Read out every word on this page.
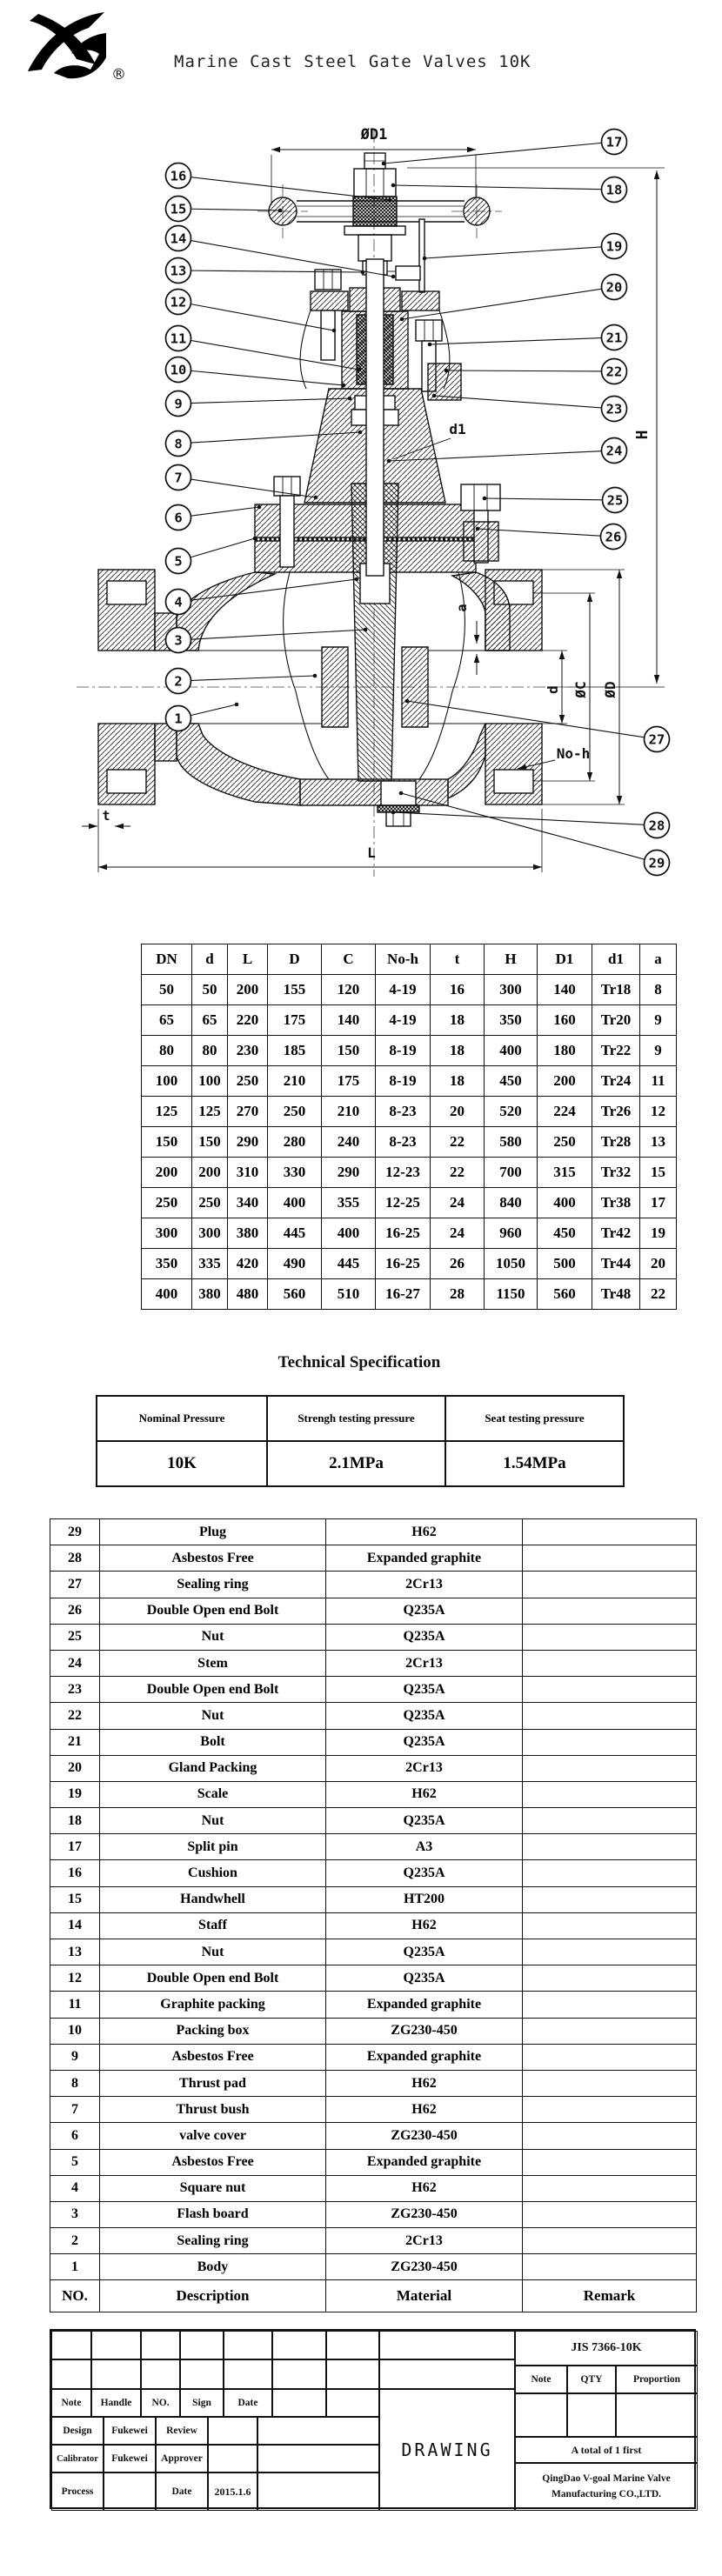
®
Marine Cast Steel Gate Valves 10K
1
2
3
4
5
6
7
8
9
10
11
12
13
14
15
16
17
18
19
20
21
22
23
24
25
26
27
28
29
ØD1
H
d1
a
d ØC ØD
No-h
L
t
DN	d	L	D	C	No-h	t	H	D1	d1	a
50	50	200	155	120	4-19	16	300	140	Tr18	8
65	65	220	175	140	4-19	18	350	160	Tr20	9
80	80	230	185	150	8-19	18	400	180	Tr22	9
100	100	250	210	175	8-19	18	450	200	Tr24	11
125	125	270	250	210	8-23	20	520	224	Tr26	12
150	150	290	280	240	8-23	22	580	250	Tr28	13
200	200	310	330	290	12-23	22	700	315	Tr32	15
250	250	340	400	355	12-25	24	840	400	Tr38	17
300	300	380	445	400	16-25	24	960	450	Tr42	19
350	335	420	490	445	16-25	26	1050	500	Tr44	20
400	380	480	560	510	16-27	28	1150	560	Tr48	22
Technical Specification
Nominal Pressure	Strengh testing pressure	Seat testing pressure
10K	2.1MPa	1.54MPa
29	Plug	H62	
28	Asbestos Free	Expanded graphite	
27	Sealing ring	2Cr13	
26	Double Open end Bolt	Q235A	
25	Nut	Q235A	
24	Stem	2Cr13	
23	Double Open end Bolt	Q235A	
22	Nut	Q235A	
21	Bolt	Q235A	
20	Gland Packing	2Cr13	
19	Scale	H62	
18	Nut	Q235A	
17	Split pin	A3	
16	Cushion	Q235A	
15	Handwhell	HT200	
14	Staff	H62	
13	Nut	Q235A	
12	Double Open end Bolt	Q235A	
11	Graphite packing	Expanded graphite	
10	Packing box	ZG230-450	
9	Asbestos Free	Expanded graphite	
8	Thrust pad	H62	
7	Thrust bush	H62	
6	valve cover	ZG230-450	
5	Asbestos Free	Expanded graphite	
4	Square nut	H62	
3	Flash board	ZG230-450	
2	Sealing ring	2Cr13	
1	Body	ZG230-450	
NO.	Description	Material	Remark
Note	Handle	NO.	Sign	Date
Design	Fukewei	Review
Calibrator	Fukewei	Approver
Process	Date	2015.1.6
DRAWING
JIS 7366-10K
Note	QTY	Proportion
A total of 1 first
QingDao V-goal Marine Valve
Manufacturing CO.,LTD.
